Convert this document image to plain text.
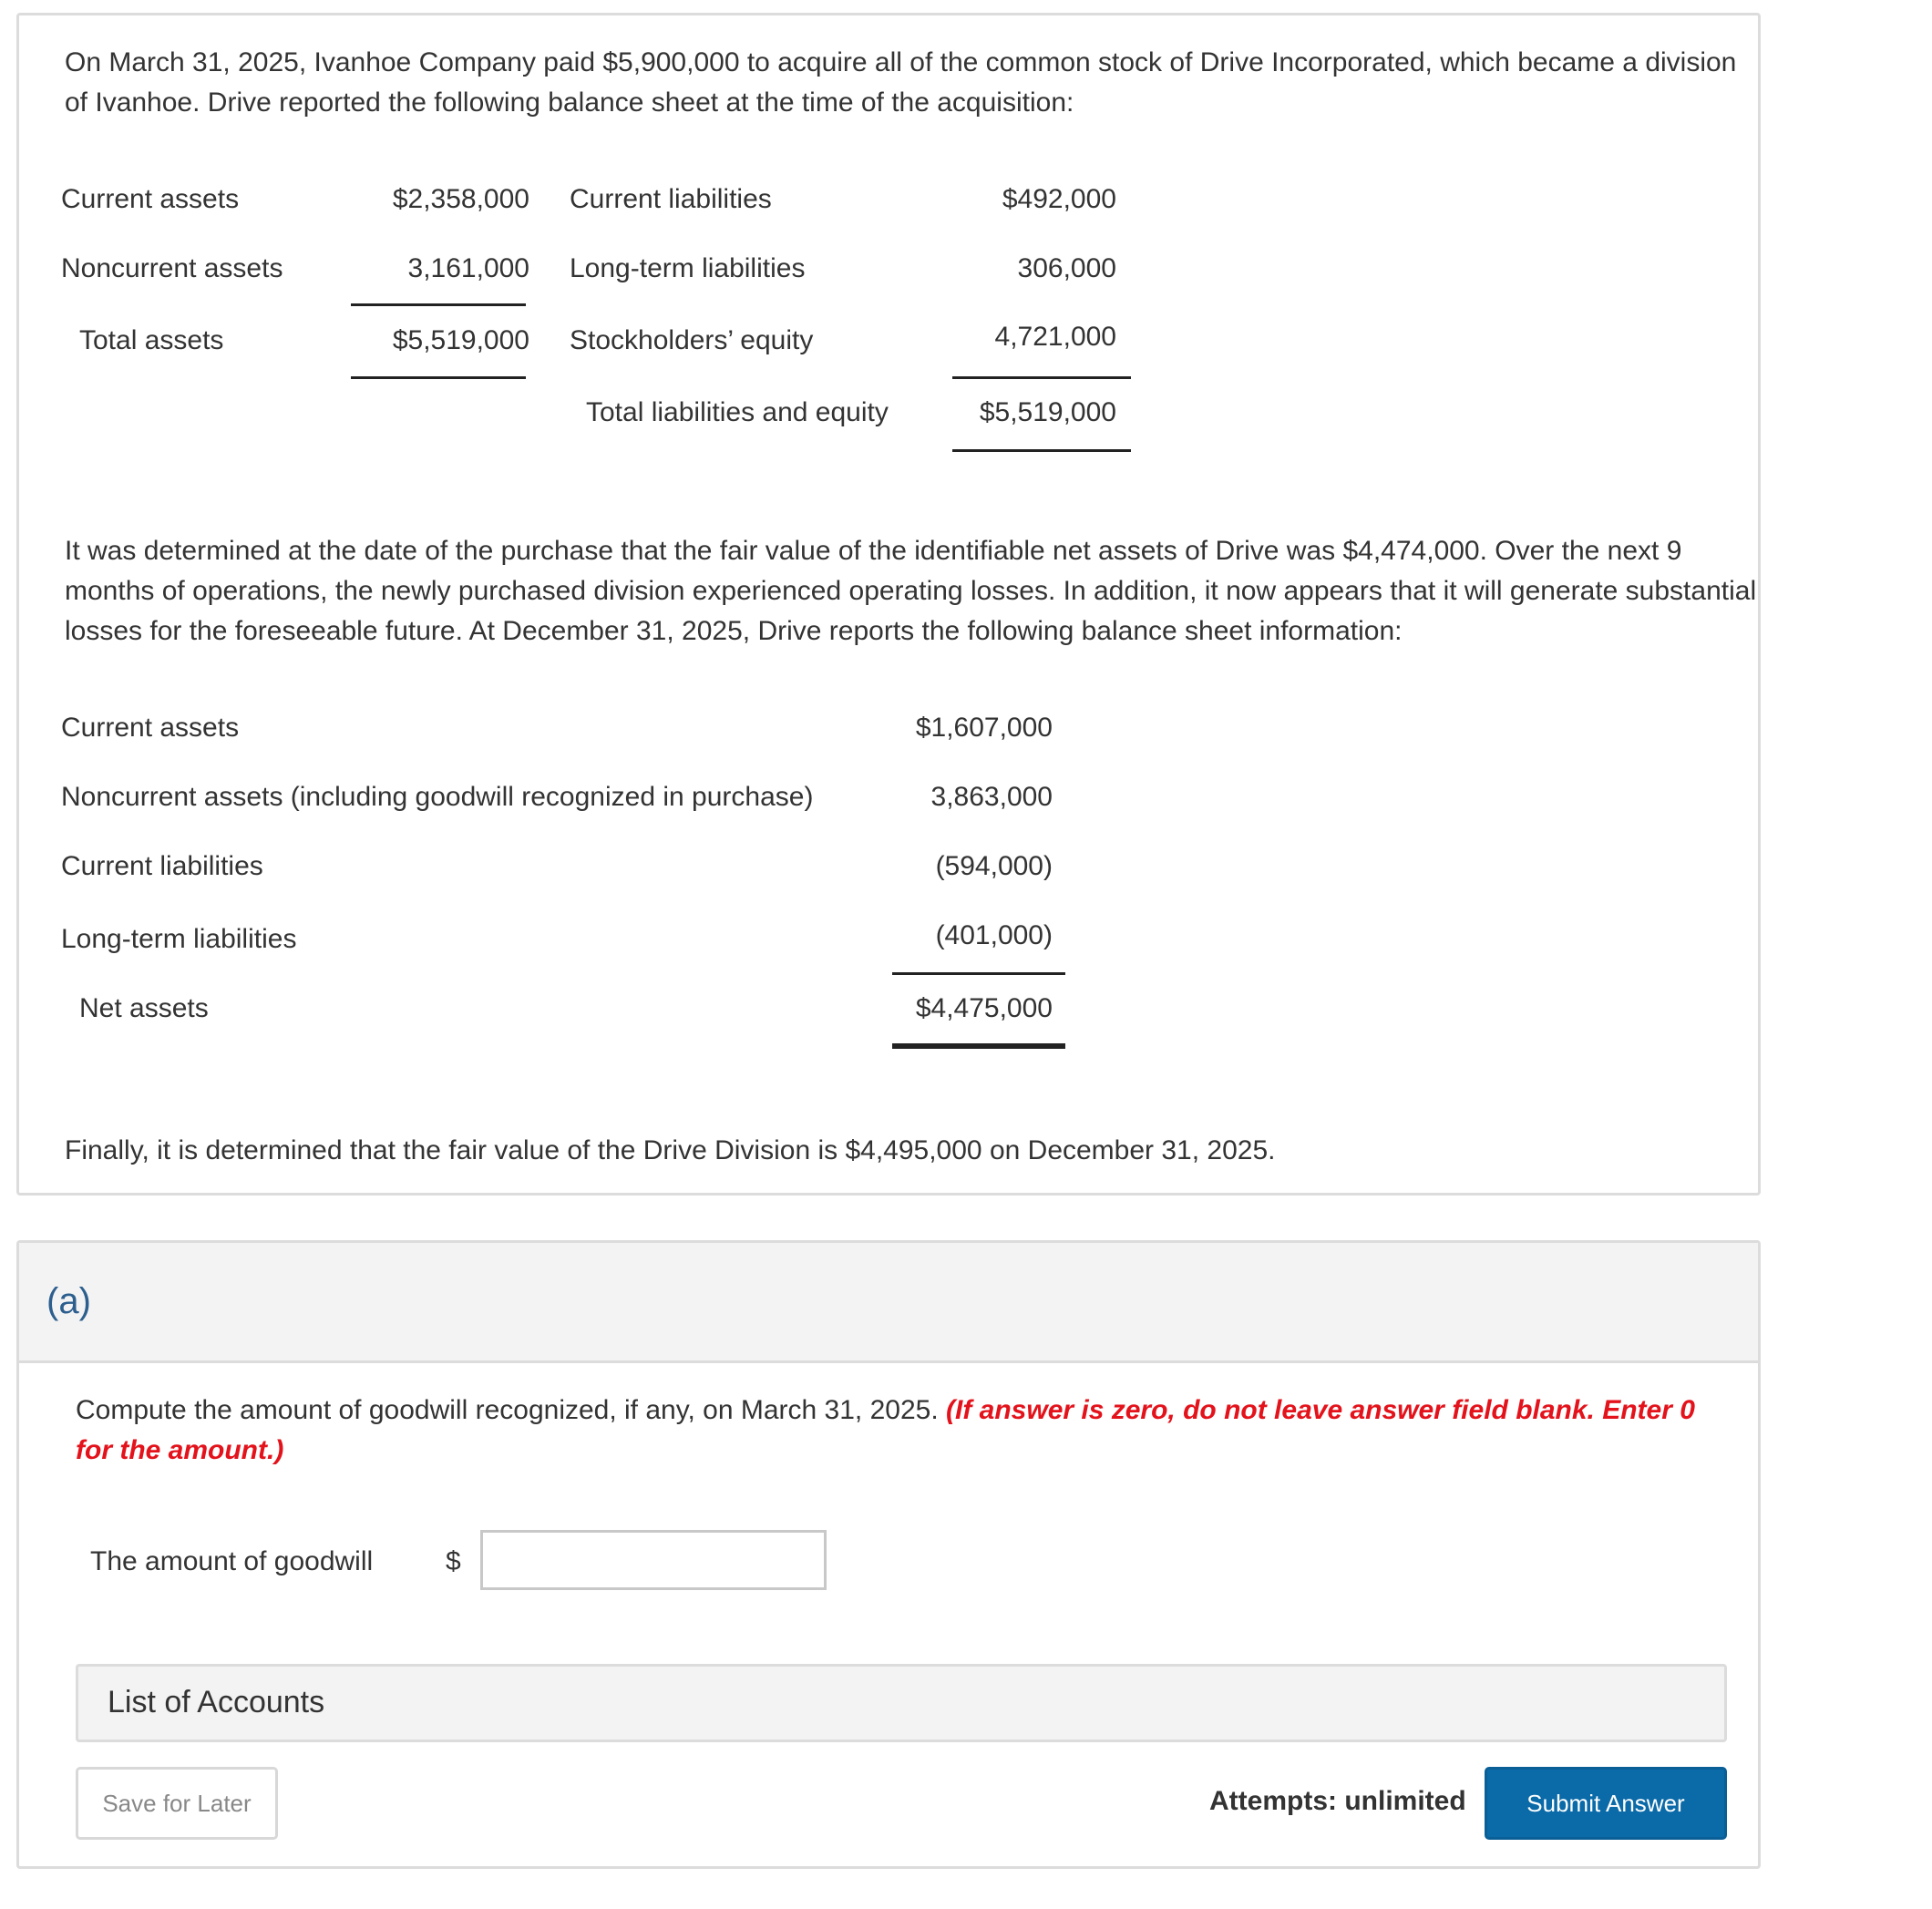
On March 31, 2025, Ivanhoe Company paid $5,900,000 to acquire all of the common stock of Drive Incorporated, which became a division of Ivanhoe. Drive reported the following balance sheet at the time of the acquisition:
Current assets	$2,358,000 Current liabilities	$492,000
Noncurrent assets	3,161,000 Long-term liabilities	306,000
Total assets	$5,519,000 Stockholders’ equity	4,721,000
Total liabilities and equity	$5,519,000
It was determined at the date of the purchase that the fair value of the identifiable net assets of Drive was $4,474,000. Over the next 9 months of operations, the newly purchased division experienced operating losses. In addition, it now appears that it will generate substantial losses for the foreseeable future. At December 31, 2025, Drive reports the following balance sheet information:
Current assets	$1,607,000
Noncurrent assets (including goodwill recognized in purchase)	3,863,000
Current liabilities	(594,000)
Long-term liabilities	(401,000)
Net assets	$4,475,000
Finally, it is determined that the fair value of the Drive Division is $4,495,000 on December 31, 2025.
(a)
Compute the amount of goodwill recognized, if any, on March 31, 2025. (If answer is zero, do not leave answer field blank. Enter 0 for the amount.)
The amount of goodwill	$
List of Accounts
Save for Later	Attempts: unlimited	Submit Answer
